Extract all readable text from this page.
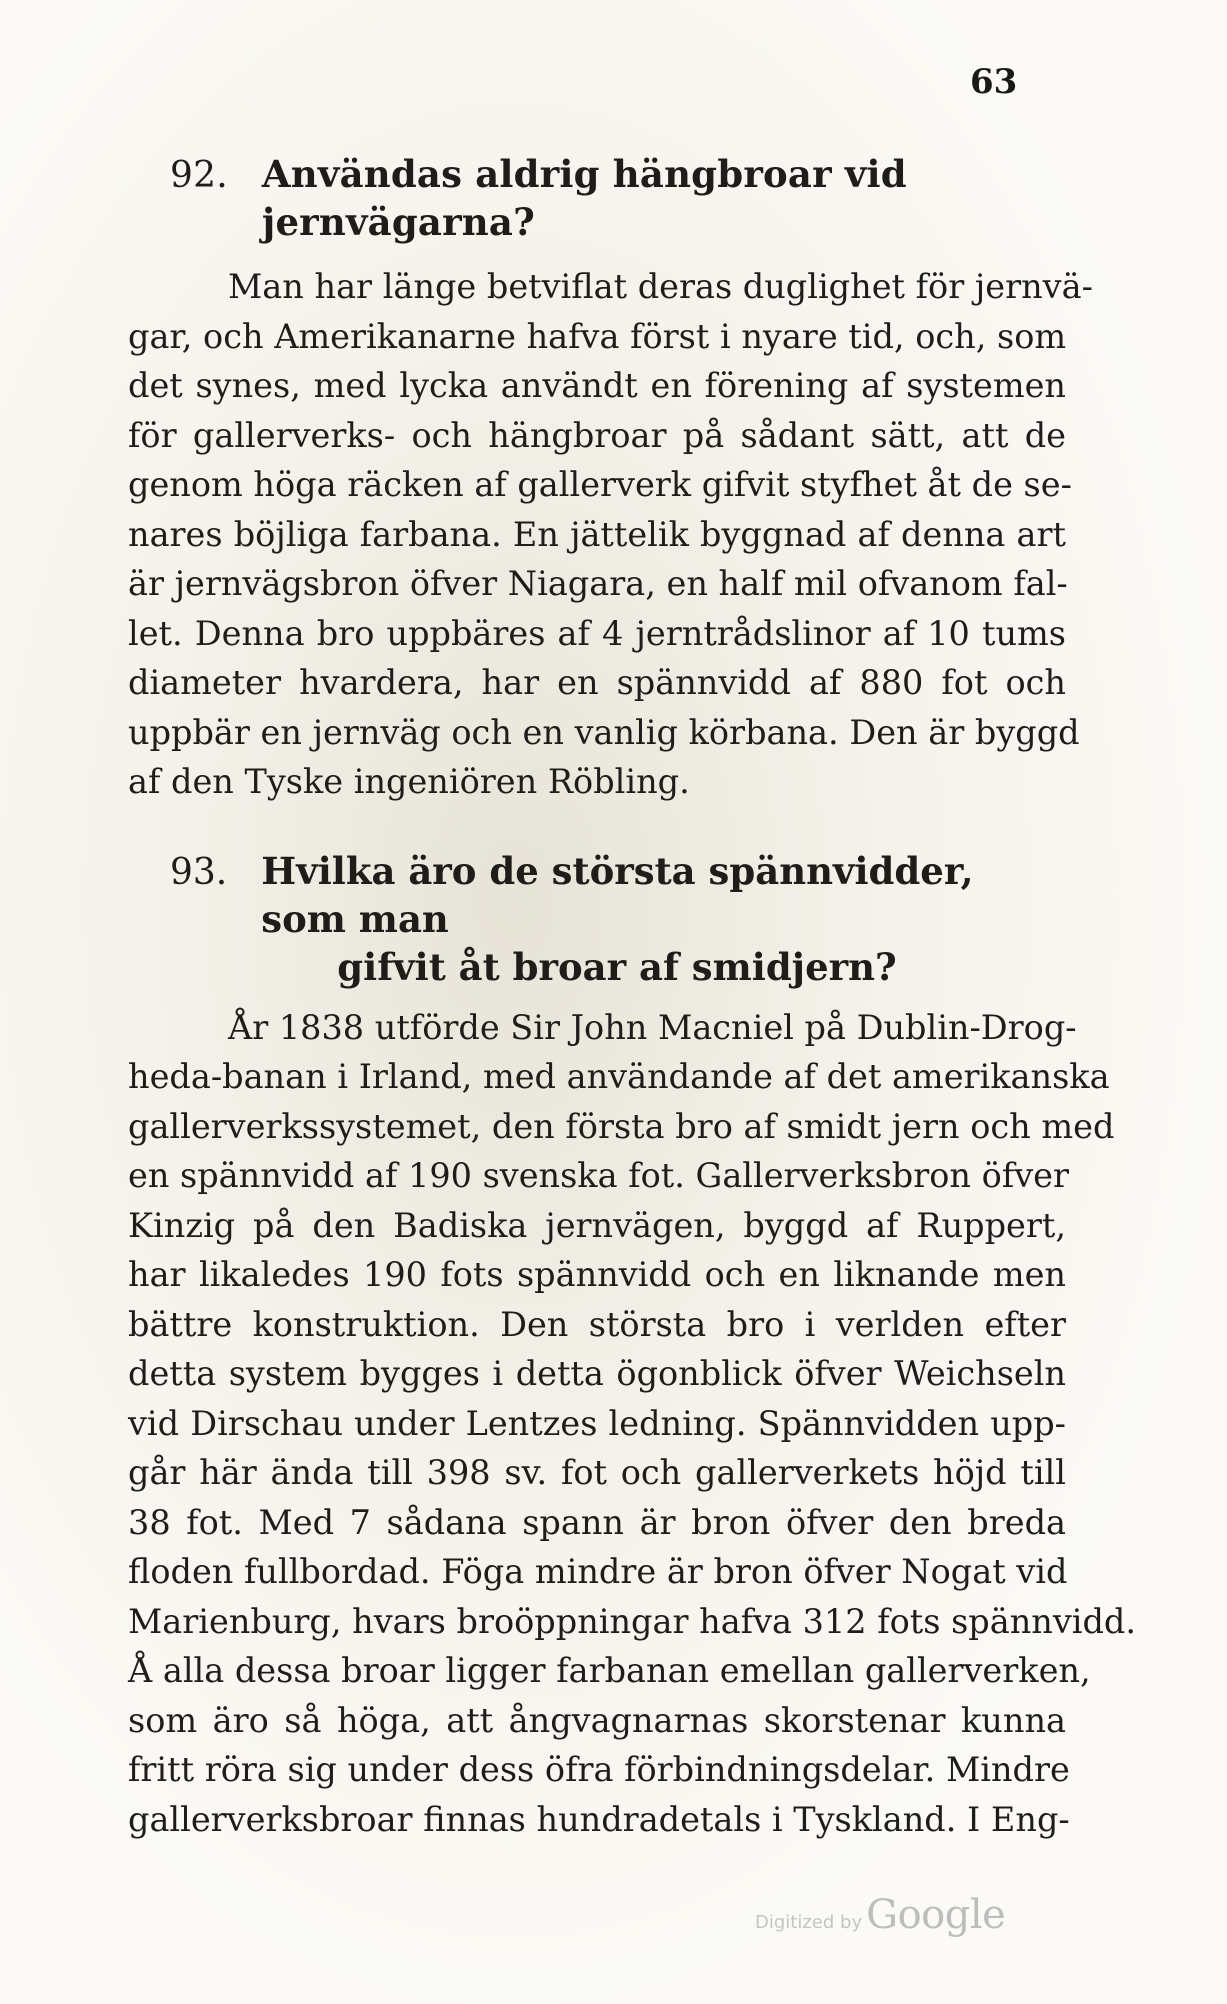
63
92. Användas aldrig hängbroar vid jernvägarna?
Man har länge betviflat deras duglighet för jernvä-
gar, och Amerikanarne hafva först i nyare tid, och, som
det synes, med lycka användt en förening af systemen
för gallerverks- och hängbroar på sådant sätt, att de
genom höga räcken af gallerverk gifvit styfhet åt de se-
nares böjliga farbana. En jättelik byggnad af denna art
är jernvägsbron öfver Niagara, en half mil ofvanom fal-
let. Denna bro uppbäres af 4 jerntrådslinor af 10 tums
diameter hvardera, har en spännvidd af 880 fot och
uppbär en jernväg och en vanlig körbana. Den är byggd
af den Tyske ingeniören Röbling.
93. Hvilka äro de största spännvidder, som man
gifvit åt broar af smidjern?
År 1838 utförde Sir John Macniel på Dublin-Drog-
heda-banan i Irland, med användande af det amerikanska
gallerverkssystemet, den första bro af smidt jern och med
en spännvidd af 190 svenska fot. Gallerverksbron öfver
Kinzig på den Badiska jernvägen, byggd af Ruppert,
har likaledes 190 fots spännvidd och en liknande men
bättre konstruktion. Den största bro i verlden efter
detta system bygges i detta ögonblick öfver Weichseln
vid Dirschau under Lentzes ledning. Spännvidden upp-
går här ända till 398 sv. fot och gallerverkets höjd till
38 fot. Med 7 sådana spann är bron öfver den breda
floden fullbordad. Föga mindre är bron öfver Nogat vid
Marienburg, hvars broöppningar hafva 312 fots spännvidd.
Å alla dessa broar ligger farbanan emellan gallerverken,
som äro så höga, att ångvagnarnas skorstenar kunna
fritt röra sig under dess öfra förbindningsdelar. Mindre
gallerverksbroar finnas hundradetals i Tyskland. I Eng-
Digitized by Google
